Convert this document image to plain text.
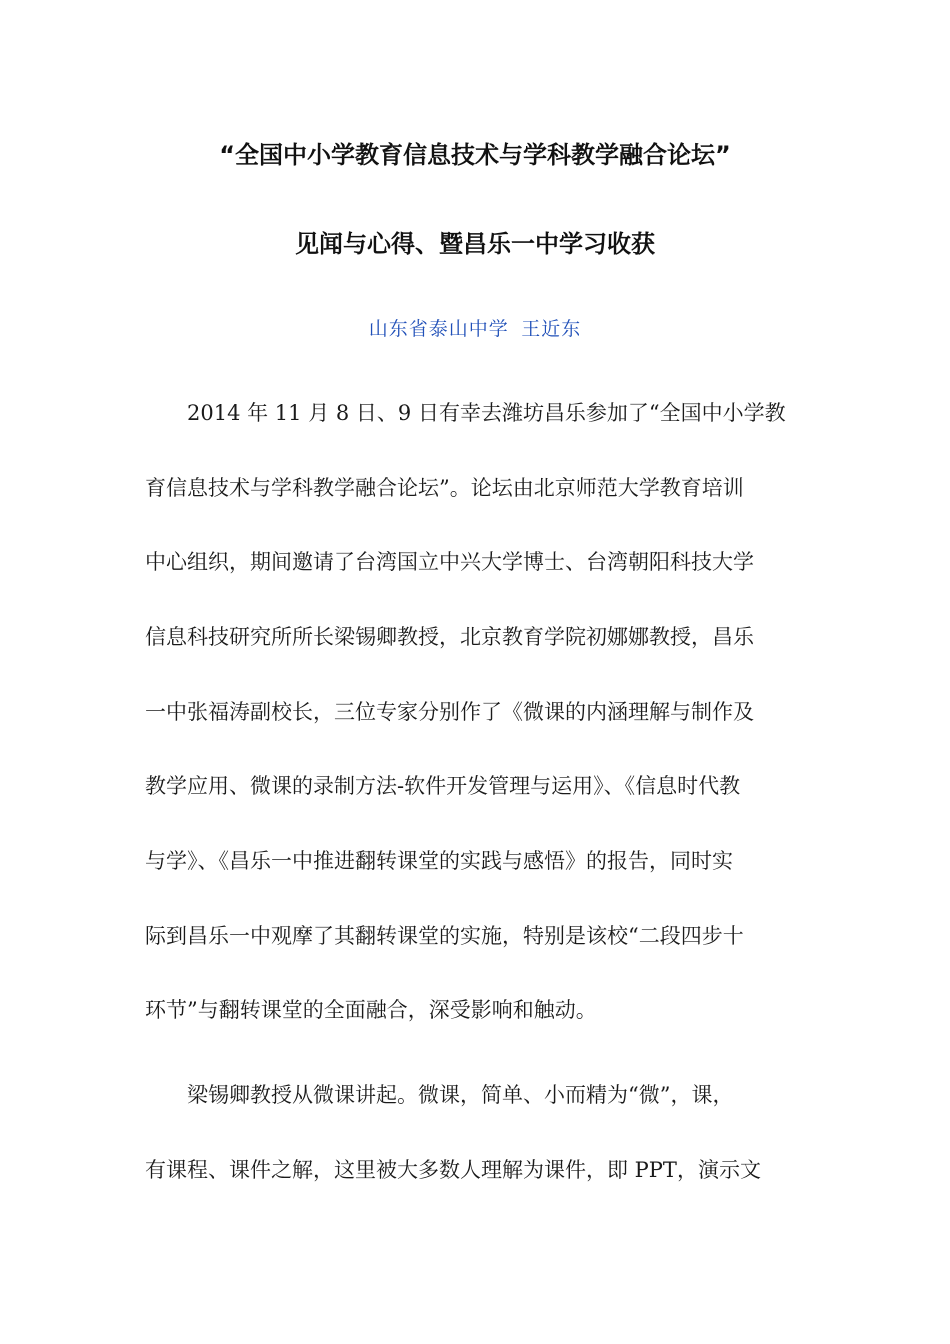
“全国中小学教育信息技术与学科教学融合论坛”
见闻与心得、暨昌乐一中学习收获
山东省泰山中学 王近东
2014 年 11 月 8 日、9 日有幸去潍坊昌乐参加了“全国中小学教
育信息技术与学科教学融合论坛”。论坛由北京师范大学教育培训
中心组织，期间邀请了台湾国立中兴大学博士、台湾朝阳科技大学
信息科技研究所所长梁锡卿教授，北京教育学院初娜娜教授，昌乐
一中张福涛副校长，三位专家分别作了《微课的内涵理解与制作及
教学应用、微课的录制方法-软件开发管理与运用》、《信息时代教
与学》、《昌乐一中推进翻转课堂的实践与感悟》的报告，同时实
际到昌乐一中观摩了其翻转课堂的实施，特别是该校“二段四步十
环节”与翻转课堂的全面融合，深受影响和触动。
梁锡卿教授从微课讲起。微课，简单、小而精为“微”，课，
有课程、课件之解，这里被大多数人理解为课件，即 PPT，演示文
